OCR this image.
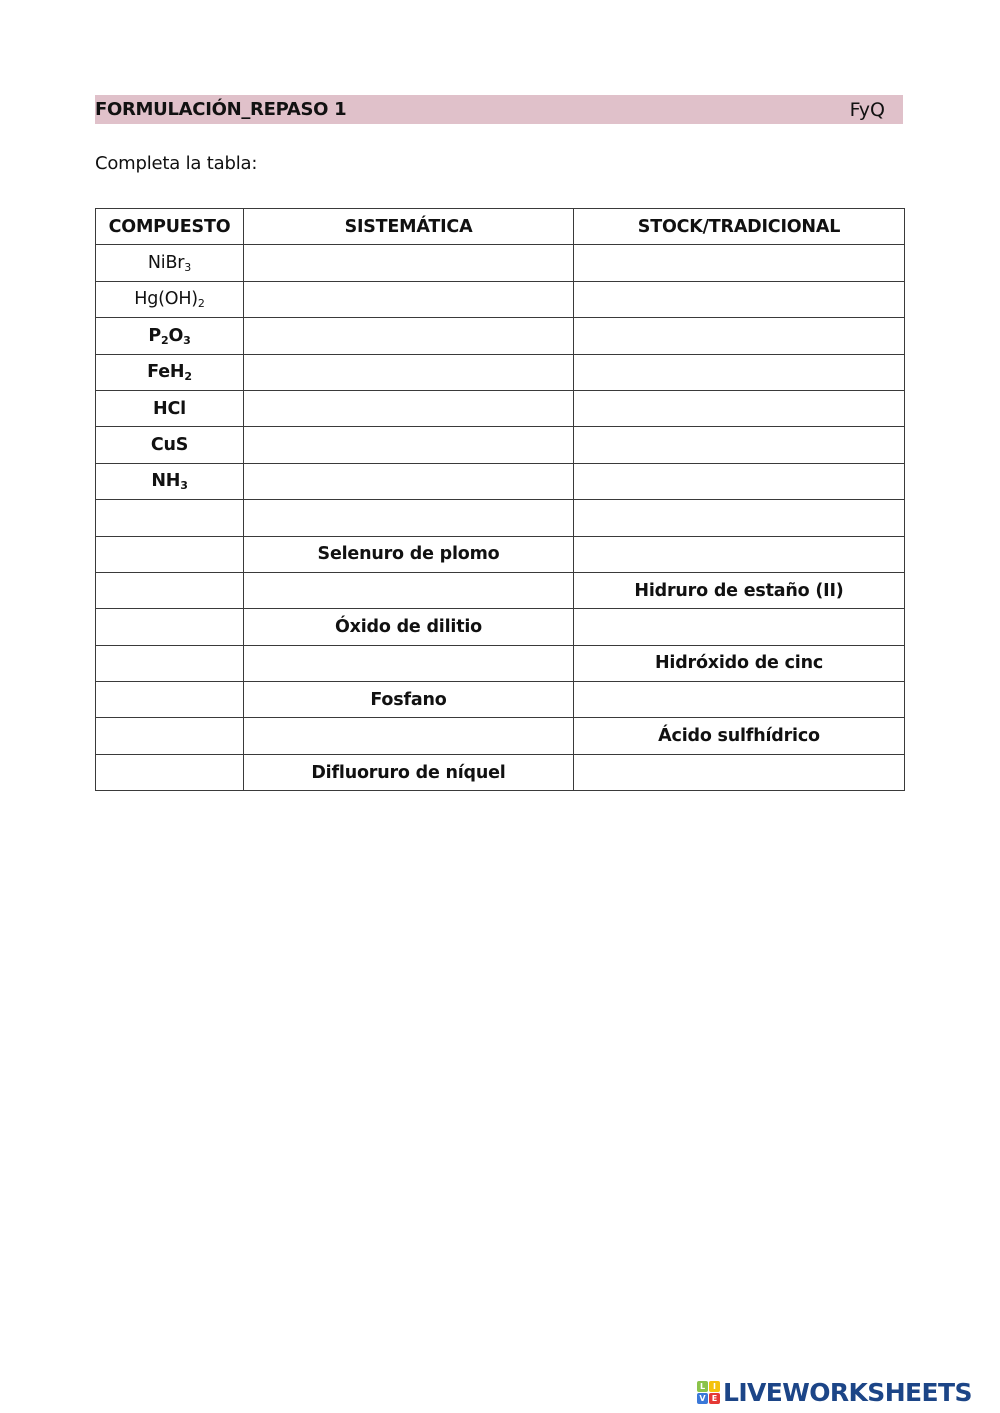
FORMULACIÓN_REPASO 1	FyQ
Completa la tabla:
COMPUESTO	SISTEMÁTICA	STOCK/TRADICIONAL
NiBr$_3$		
$Hg(OH)_2$		
$P_2O_3$		
FeH$_2$		
HCl		
CuS		
$NH_3$		

	Selenuro de plomo	
		Hidruro de estaño (II)
	Óxido de dilitio	
		Hidróxido de cinc
	Fosfano	
		Ácido sulfhídrico
	Difluoruro de níquel	
L I
V E LIVEWORKSHEETS
